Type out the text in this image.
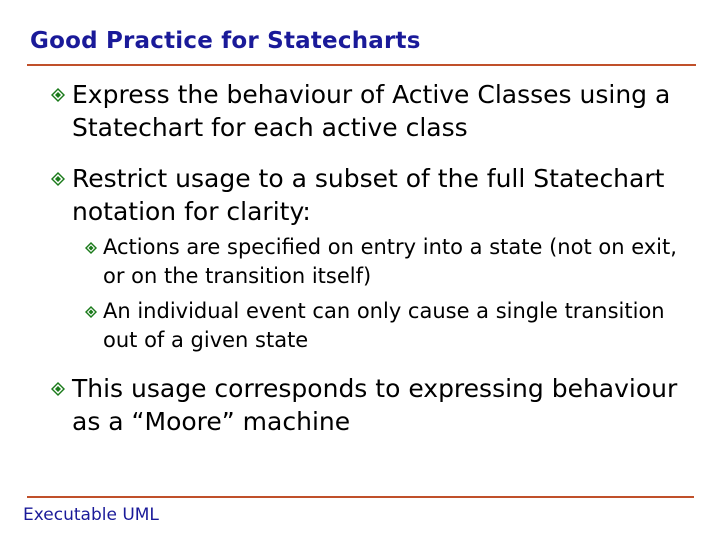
Good Practice for Statecharts
Express the behaviour of Active Classes using a
Statechart for each active class
Restrict usage to a subset of the full Statechart
notation for clarity:
Actions are specified on entry into a state (not on exit,
or on the transition itself)
An individual event can only cause a single transition
out of a given state
This usage corresponds to expressing behaviour
as a “Moore” machine
Executable UML
